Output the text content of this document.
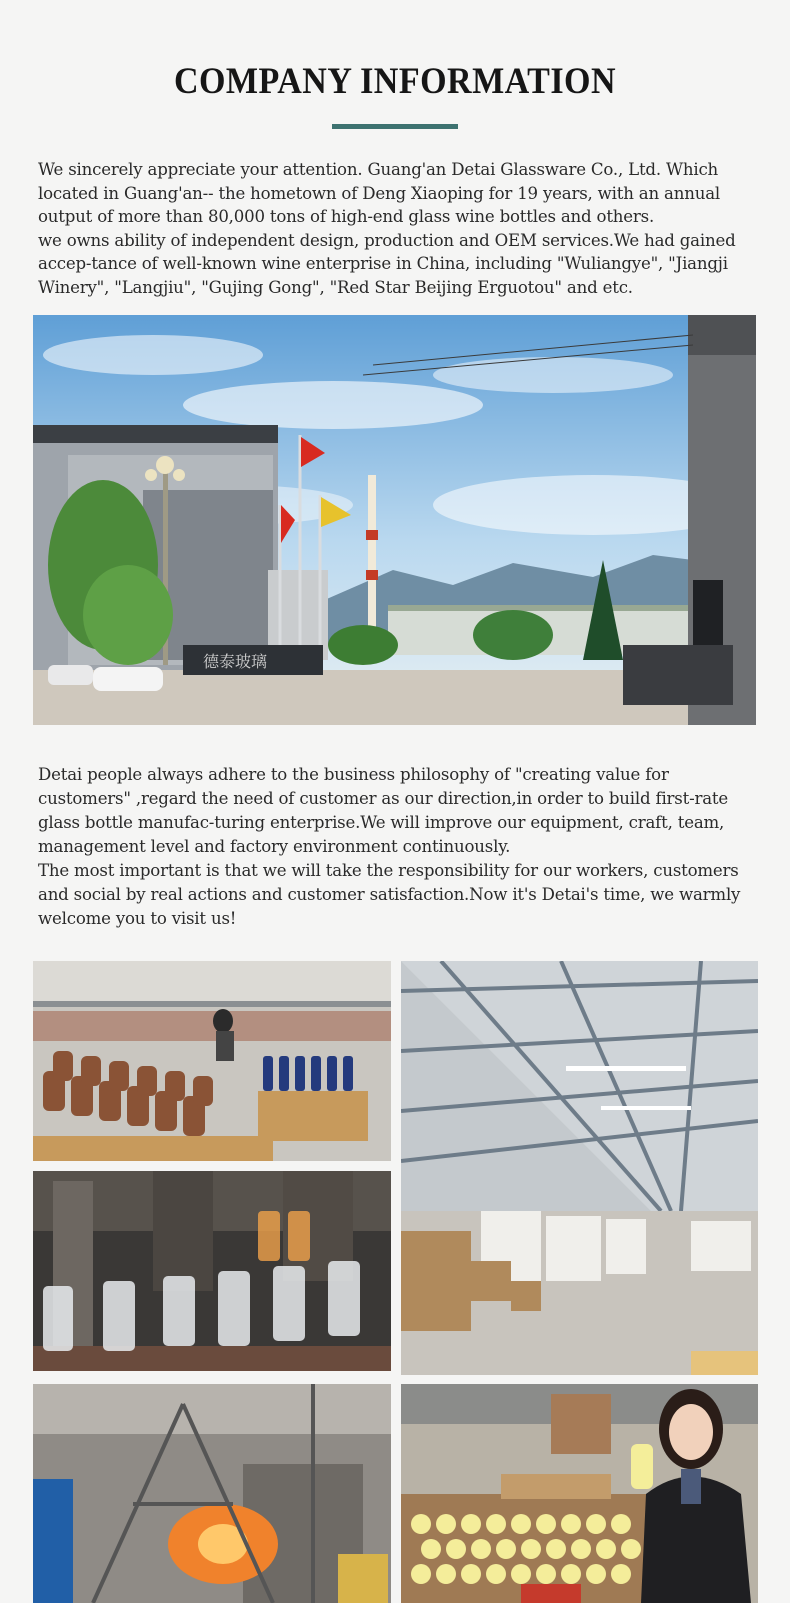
COMPANY INFORMATION

We sincerely appreciate your attention. Guang'an Detai Glassware Co., Ltd. Which located in Guang'an-- the hometown of Deng Xiaoping for 19 years, with an annual output of more than 80,000 tons of high-end glass wine bottles and others.

we owns ability of independent design, production and OEM services.We had gained accep-tance of well-known wine enterprise in China, including "Wuliangye", "Jiangji Winery", "Langjiu", "Gujing Gong", "Red Star Beijing Erguotou" and etc.

德泰玻璃

Detai people always adhere to the business philosophy of "creating value for customers" ,regard the need of customer as our direction,in order to build first-rate glass bottle manufac-turing enterprise.We will improve our equipment, craft, team, management level and factory environment continuously.

The most important is that we will take the responsibility for our workers, customers and social by real actions and customer satisfaction.Now it's Detai's time, we warmly welcome you to visit us!
